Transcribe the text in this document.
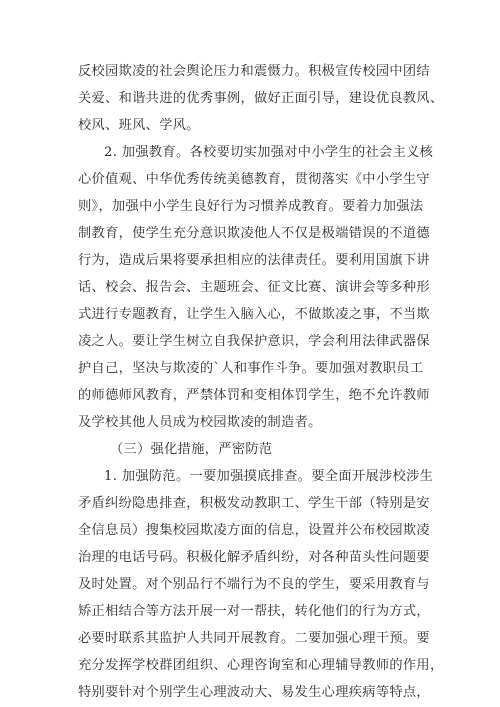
反校园欺凌的社会舆论压力和震慑力。积极宣传校园中团结
关爱、和谐共进的优秀事例，做好正面引导，建设优良教风、
校风、班风、学风。
2. 加强教育。各校要切实加强对中小学生的社会主义核
心价值观、中华优秀传统美德教育，贯彻落实《中小学生守
则》，加强中小学生良好行为习惯养成教育。要着力加强法
制教育，使学生充分意识欺凌他人不仅是极端错误的不道德
行为，造成后果将要承担相应的法律责任。要利用国旗下讲
话、校会、报告会、主题班会、征文比赛、演讲会等多种形
式进行专题教育，让学生入脑入心，不做欺凌之事，不当欺
凌之人。要让学生树立自我保护意识，学会利用法律武器保
护自己，坚决与欺凌的`人和事作斗争。要加强对教职员工
的师德师风教育，严禁体罚和变相体罚学生，绝不允许教师
及学校其他人员成为校园欺凌的制造者。
（三）强化措施，严密防范
1. 加强防范。一要加强摸底排查。要全面开展涉校涉生
矛盾纠纷隐患排查，积极发动教职工、学生干部（特别是安
全信息员）搜集校园欺凌方面的信息，设置并公布校园欺凌
治理的电话号码。积极化解矛盾纠纷，对各种苗头性问题要
及时处置。对个别品行不端行为不良的学生，要采用教育与
矫正相结合等方法开展一对一帮扶，转化他们的行为方式，
必要时联系其监护人共同开展教育。二要加强心理干预。要
充分发挥学校群团组织、心理咨询室和心理辅导教师的作用，
特别要针对个别学生心理波动大、易发生心理疾病等特点，
